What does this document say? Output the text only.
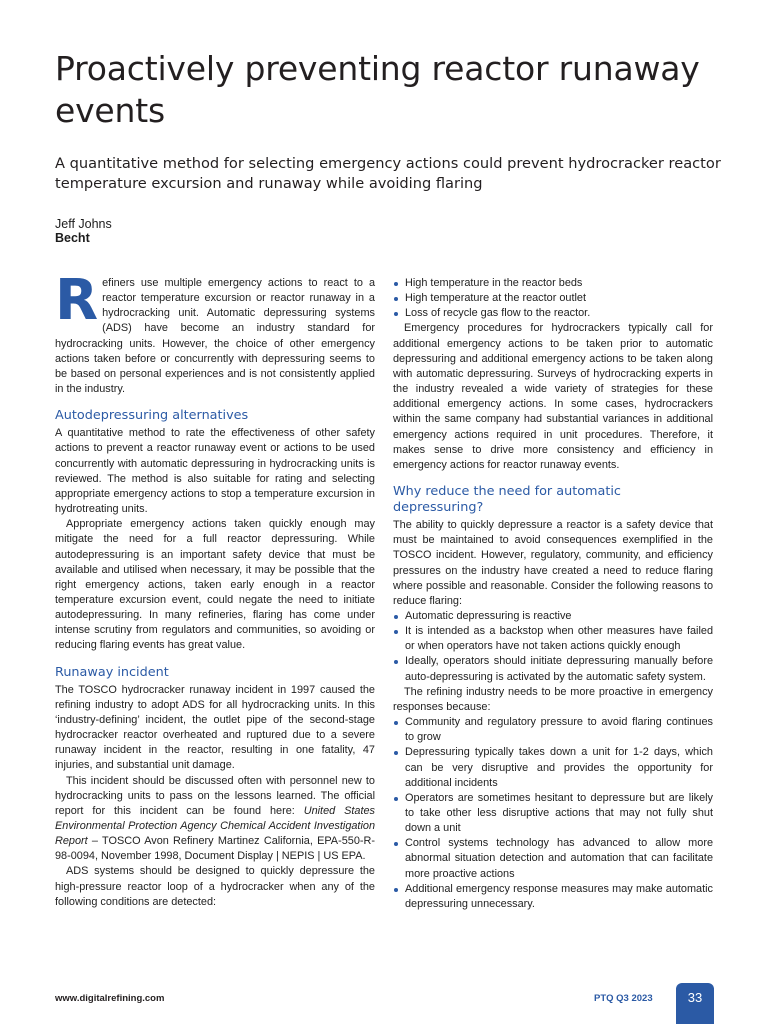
Proactively preventing reactor runaway events

A quantitative method for selecting emergency actions could prevent hydrocracker reactor temperature excursion and runaway while avoiding flaring

Jeff Johns
Becht

Refiners use multiple emergency actions to react to a reactor temperature excursion or reactor runaway in a hydrocracking unit. Automatic depressuring systems (ADS) have become an industry standard for hydrocracking units. However, the choice of other emergency actions taken before or concurrently with depressuring seems to be based on personal experiences and is not consistently applied in the industry.

Autodepressuring alternatives

A quantitative method to rate the effectiveness of other safety actions to prevent a reactor runaway event or actions to be used concurrently with automatic depressuring in hydrocracking units is reviewed. The method is also suitable for rating and selecting appropriate emergency actions to stop a temperature excursion in hydrotreating units.

Appropriate emergency actions taken quickly enough may mitigate the need for a full reactor depressuring. While autodepressuring is an important safety device that must be available and utilised when necessary, it may be possible that the right emergency actions, taken early enough in a reactor temperature excursion event, could negate the need to initiate autodepressuring. In many refineries, flaring has come under intense scrutiny from regulators and communities, so avoiding or reducing flaring events has great value.

Runaway incident

The TOSCO hydrocracker runaway incident in 1997 caused the refining industry to adopt ADS for all hydrocracking units. In this ‘industry-defining’ incident, the outlet pipe of the second-stage hydrocracker reactor overheated and ruptured due to a severe runaway incident in the reactor, resulting in one fatality, 47 injuries, and substantial unit damage.

This incident should be discussed often with personnel new to hydrocracking units to pass on the lessons learned. The official report for this incident can be found here: United States Environmental Protection Agency Chemical Accident Investigation Report – TOSCO Avon Refinery Martinez California, EPA-550-R-98-0094, November 1998, Document Display | NEPIS | US EPA.

ADS systems should be designed to quickly depressure the high-pressure reactor loop of a hydrocracker when any of the following conditions are detected:

High temperature in the reactor beds
High temperature at the reactor outlet
Loss of recycle gas flow to the reactor.

Emergency procedures for hydrocrackers typically call for additional emergency actions to be taken prior to automatic depressuring and additional emergency actions to be taken along with automatic depressuring. Surveys of hydrocracking experts in the industry revealed a wide variety of strategies for these additional emergency actions. In some cases, hydrocrackers within the same company had substantial variances in additional emergency actions required in unit procedures. Therefore, it makes sense to drive more consistency and efficiency in emergency actions for reactor runaway events.

Why reduce the need for automatic depressuring?

The ability to quickly depressure a reactor is a safety device that must be maintained to avoid consequences exemplified in the TOSCO incident. However, regulatory, community, and efficiency pressures on the industry have created a need to reduce flaring where possible and reasonable. Consider the following reasons to reduce flaring:

Automatic depressuring is reactive
It is intended as a backstop when other measures have failed or when operators have not taken actions quickly enough
Ideally, operators should initiate depressuring manually before auto-depressuring is activated by the automatic safety system.

The refining industry needs to be more proactive in emergency responses because:

Community and regulatory pressure to avoid flaring continues to grow
Depressuring typically takes down a unit for 1-2 days, which can be very disruptive and provides the opportunity for additional incidents
Operators are sometimes hesitant to depressure but are likely to take other less disruptive actions that may not fully shut down a unit
Control systems technology has advanced to allow more abnormal situation detection and automation that can facilitate more proactive actions
Additional emergency response measures may make automatic depressuring unnecessary.
www.digitalrefining.com	PTQ Q3 2023	33
